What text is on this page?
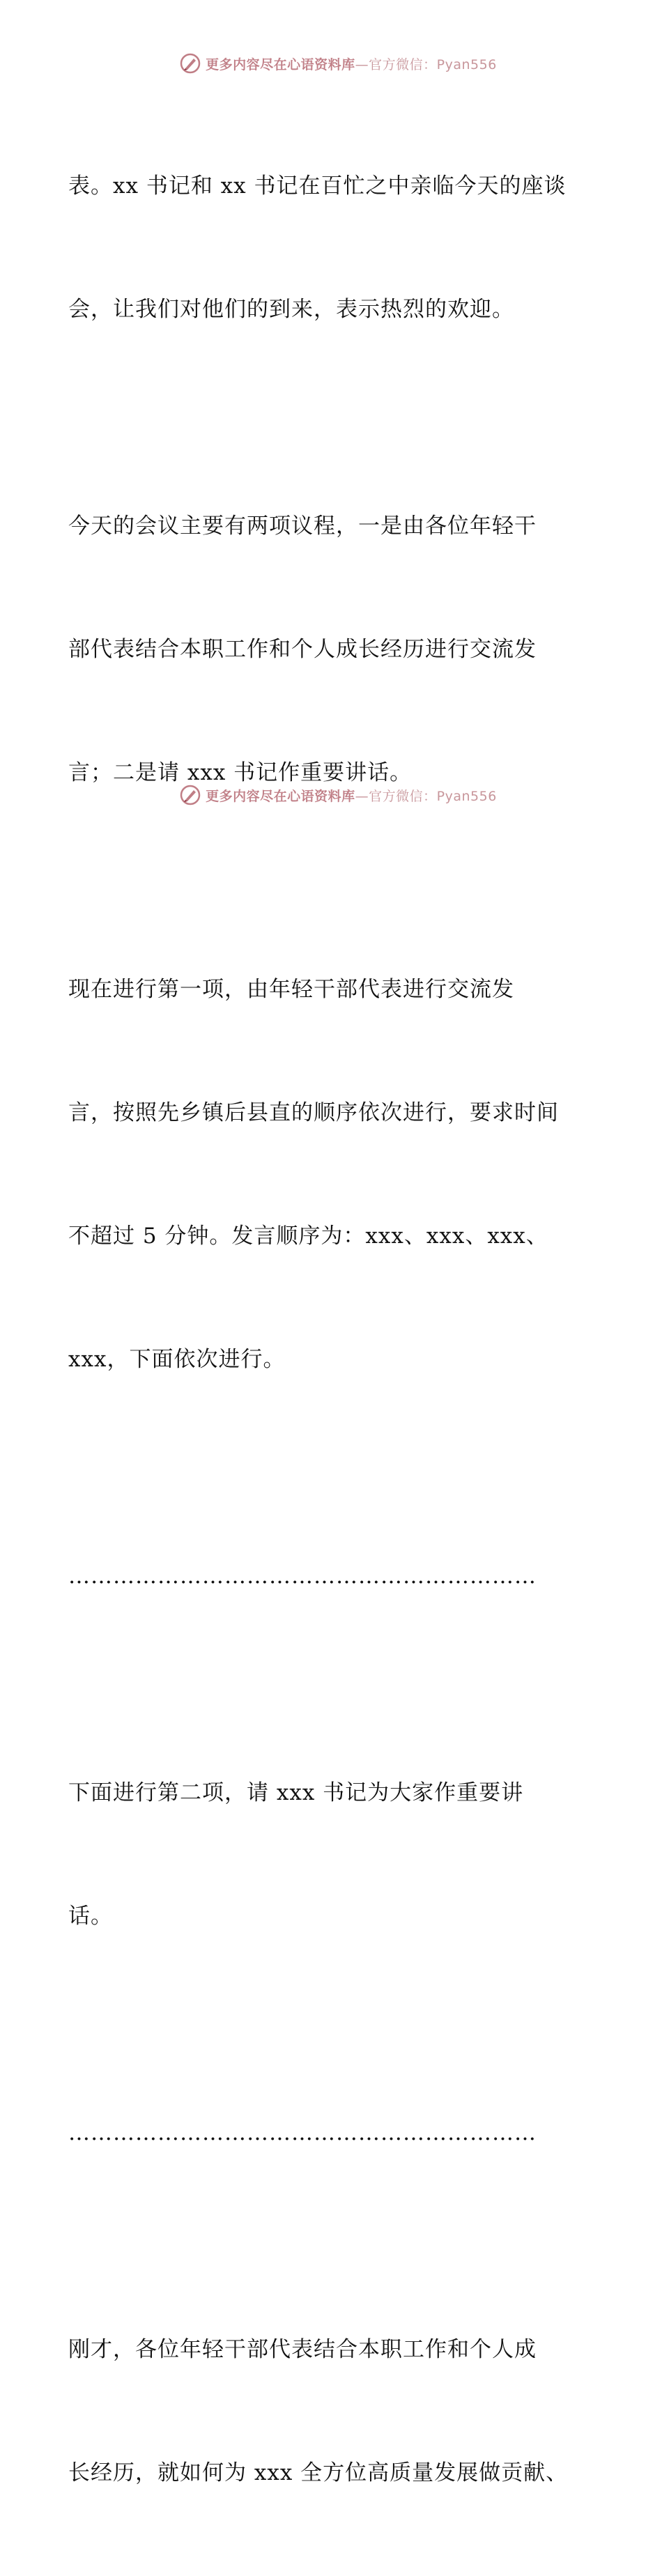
更多内容尽在心语资料库—官方微信：Pyan556

表。xx 书记和 xx 书记在百忙之中亲临今天的座谈

会，让我们对他们的到来，表示热烈的欢迎。

今天的会议主要有两项议程，一是由各位年轻干

部代表结合本职工作和个人成长经历进行交流发

言；二是请 xxx 书记作重要讲话。

现在进行第一项，由年轻干部代表进行交流发

言，按照先乡镇后县直的顺序依次进行，要求时间

不超过 5 分钟。发言顺序为：xxx、xxx、xxx、

xxx，下面依次进行。

………………………………………………………

下面进行第二项，请 xxx 书记为大家作重要讲

话。

………………………………………………………

刚才，各位年轻干部代表结合本职工作和个人成

长经历，就如何为 xxx 全方位高质量发展做贡献、

更多内容尽在心语资料库—官方微信：Pyan556
